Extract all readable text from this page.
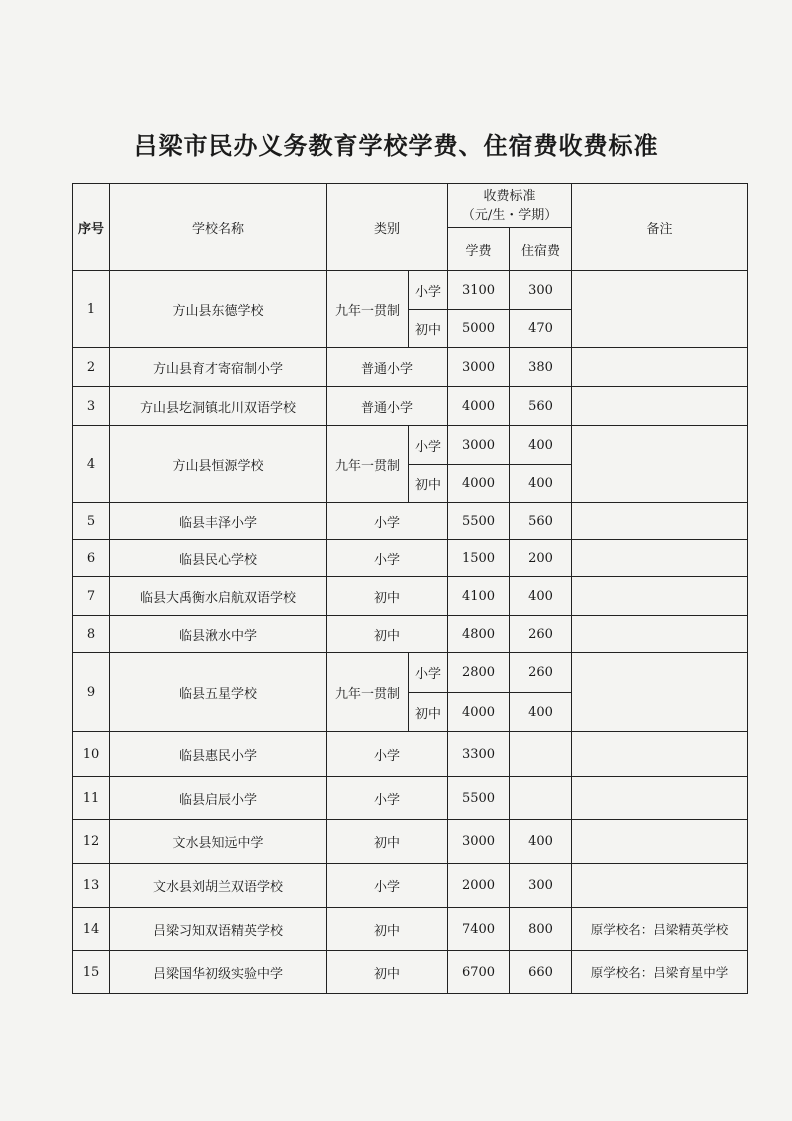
吕梁市民办义务教育学校学费、住宿费收费标准
序号	学校名称	类别		收费标准
（元/生・学期）		备注
				学费	住宿费	
1	方山县东德学校	九年一贯制	小学	3100	300	
			初中	5000	470	
2	方山县育才寄宿制小学	普通小学		3000	380	
3	方山县圪洞镇北川双语学校	普通小学		4000	560	
4	方山县恒源学校	九年一贯制	小学	3000	400	
			初中	4000	400	
5	临县丰泽小学	小学		5500	560	
6	临县民心学校	小学		1500	200	
7	临县大禹衡水启航双语学校	初中		4100	400	
8	临县湫水中学	初中		4800	260	
9	临县五星学校	九年一贯制	小学	2800	260	
			初中	4000	400	
10	临县惠民小学	小学		3300		
11	临县启辰小学	小学		5500		
12	文水县知远中学	初中		3000	400	
13	文水县刘胡兰双语学校	小学		2000	300	
14	吕梁习知双语精英学校	初中		7400	800	原学校名：吕梁精英学校
15	吕梁国华初级实验中学	初中		6700	660	原学校名：吕梁育星中学
